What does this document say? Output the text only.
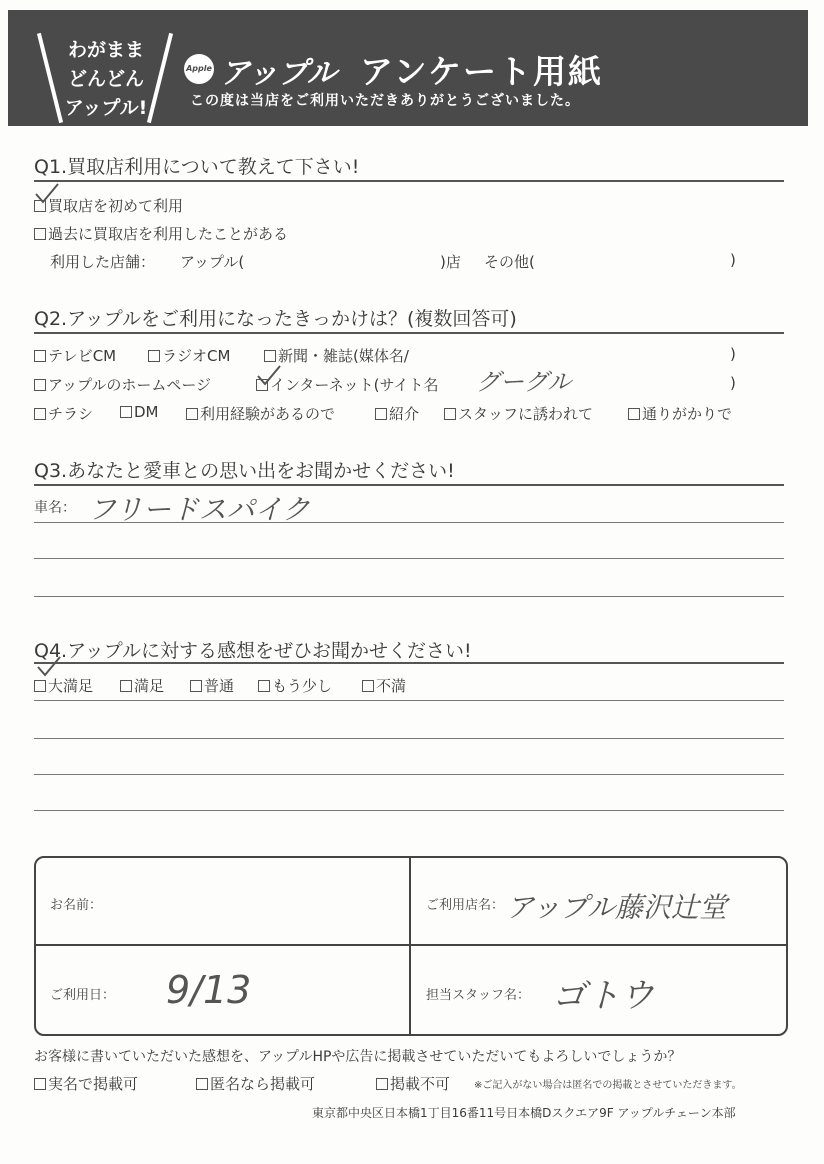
わがまま
どんどん
アップル!
Apple アップル アンケート用紙
この度は当店をご利用いただきありがとうございました。
Q1.買取店利用について教えて下さい!
買取店を初めて利用
過去に買取店を利用したことがある
利用した店舗： アップル(	)店 その他(	)
Q2.アップルをご利用になったきっかけは？(複数回答可)
テレビCM	ラジオCM	新聞・雑誌(媒体名/	)
アップルのホームページ	インターネット(サイト名 グーグル	)
チラシ	DM	利用経験があるので	紹介	スタッフに誘われて	通りがかりで
Q3.あなたと愛車との思い出をお聞かせください!
車名： フリードスパイク
Q4.アップルに対する感想をぜひお聞かせください!
大満足	満足	普通	もう少し	不満
お名前：	ご利用店名： アップル藤沢辻堂
ご利用日： 9/13	担当スタッフ名： ゴトウ
お客様に書いていただいた感想を、アップルHPや広告に掲載させていただいてもよろしいでしょうか？
実名で掲載可	匿名なら掲載可	掲載不可 ※ご記入がない場合は匿名での掲載とさせていただきます。
東京都中央区日本橋1丁目16番11号日本橋Dスクエア9F アップルチェーン本部
